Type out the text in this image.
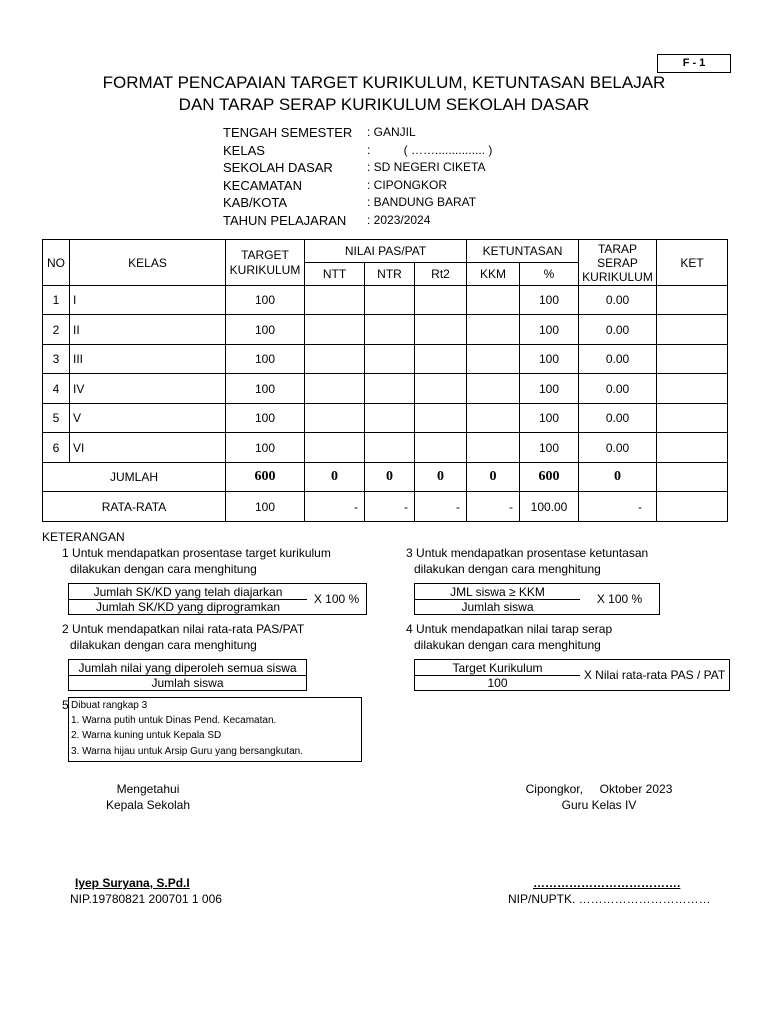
F - 1
FORMAT PENCAPAIAN TARGET KURIKULUM, KETUNTASAN BELAJAR
DAN TARAP SERAP KURIKULUM SEKOLAH DASAR
TENGAH SEMESTER	: GANJIL
KELAS	:          ( ……............... )
SEKOLAH DASAR	: SD NEGERI CIKETA
KECAMATAN	: CIPONGKOR
KAB/KOTA	: BANDUNG BARAT
TAHUN PELAJARAN	: 2023/2024
NO	KELAS	TARGET KURIKULUM	NILAI PAS/PAT			KETUNTASAN		TARAP SERAP KURIKULUM	KET
			NTT	NTR	Rt2	KKM	%		
1	I	100					100	0.00	
2	II	100					100	0.00	
3	III	100					100	0.00	
4	IV	100					100	0.00	
5	V	100					100	0.00	
6	VI	100					100	0.00	
JUMLAH		600	0	0	0	0	600	0	
RATA-RATA		100	-	-	-	-	100.00	-	
KETERANGAN
1 Untuk mendapatkan prosentase target kurikulum
dilakukan dengan cara menghitung
Jumlah SK/KD yang telah diajarkan
Jumlah SK/KD yang diprogramkan
X 100 %
2 Untuk mendapatkan nilai rata-rata PAS/PAT
dilakukan dengan cara menghitung
Jumlah nilai yang diperoleh semua siswa
Jumlah siswa
3 Untuk mendapatkan prosentase ketuntasan
dilakukan dengan cara menghitung
JML siswa ≥ KKM
Jumlah siswa
X 100 %
4 Untuk mendapatkan nilai tarap serap
dilakukan dengan cara menghitung
Target Kurikulum
100
X Nilai rata-rata PAS / PAT
5 Dibuat rangkap 3
1. Warna putih untuk Dinas Pend. Kecamatan.
2. Warna kuning untuk Kepala SD
3. Warna hijau untuk Arsip Guru yang bersangkutan.
Mengetahui
Kepala Sekolah
Iyep Suryana, S.Pd.I
NIP.19780821 200701 1 006
Cipongkor,     Oktober 2023
Guru Kelas IV
……………………………….
NIP/NUPTK. ……………………………
